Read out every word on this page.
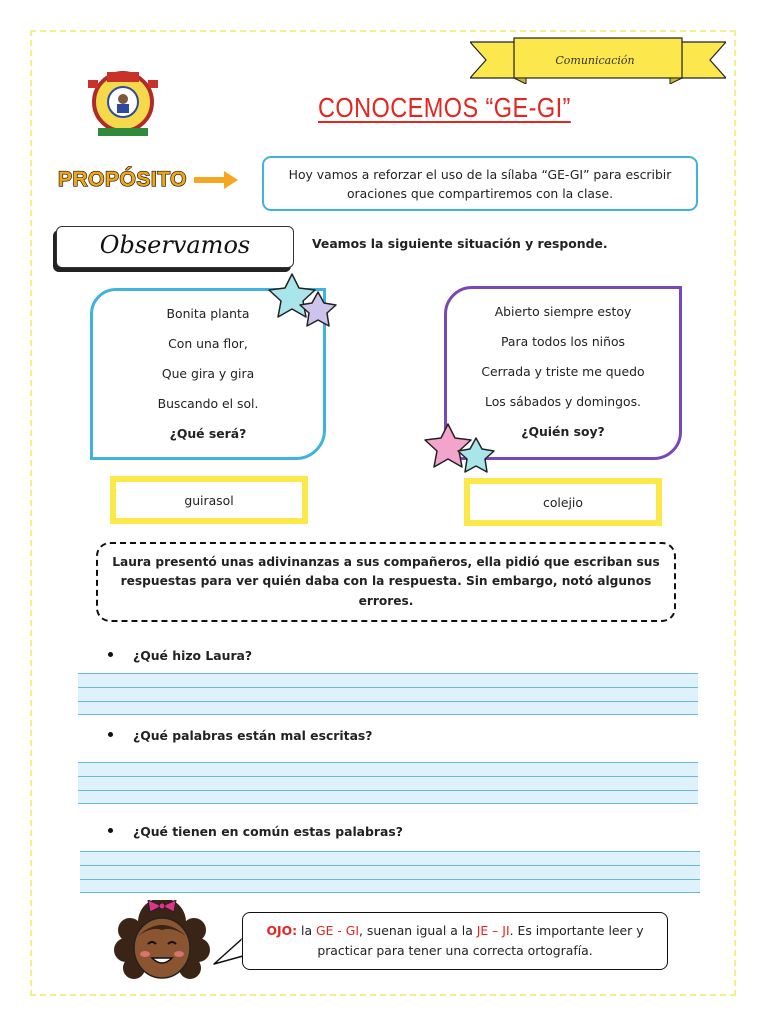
Comunicación
CONOCEMOS “GE-GI”
PROPÓSITO	Hoy vamos a reforzar el uso de la sílaba “GE-GI” para escribir
oraciones que compartiremos con la clase.
Observamos	Veamos la siguiente situación y responde.
Bonita planta
Con una flor,
Que gira y gira
Buscando el sol.
¿Qué será?
guirasol
Abierto siempre estoy
Para todos los niños
Cerrada y triste me quedo
Los sábados y domingos.
¿Quién soy?
colejio
Laura presentó unas adivinanzas a sus compañeros, ella pidió que escriban sus respuestas para ver quién daba con la respuesta. Sin embargo, notó algunos errores.
¿Qué hizo Laura?
¿Qué palabras están mal escritas?
¿Qué tienen en común estas palabras?
OJO: la GE - GI, suenan igual a la JE – JI. Es importante leer y practicar para tener una correcta ortografía.
